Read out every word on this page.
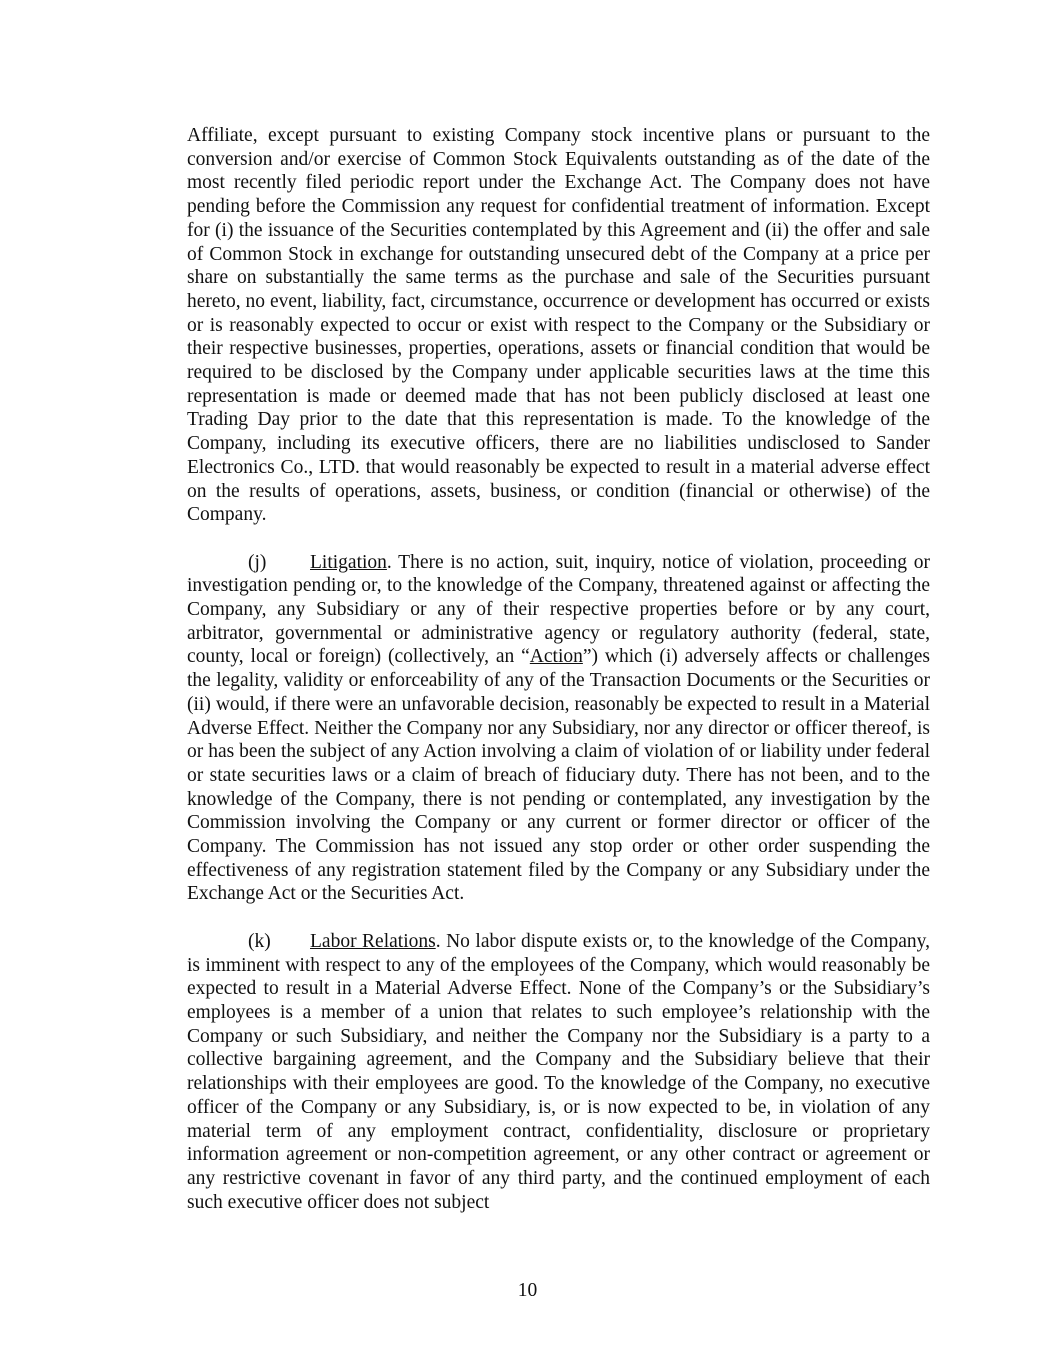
Affiliate, except pursuant to existing Company stock incentive plans or pursuant to the conversion and/or exercise of Common Stock Equivalents outstanding as of the date of the most recently filed periodic report under the Exchange Act. The Company does not have pending before the Commission any request for confidential treatment of information. Except for (i) the issuance of the Securities contemplated by this Agreement and (ii) the offer and sale of Common Stock in exchange for outstanding unsecured debt of the Company at a price per share on substantially the same terms as the purchase and sale of the Securities pursuant hereto, no event, liability, fact, circumstance, occurrence or development has occurred or exists or is reasonably expected to occur or exist with respect to the Company or the Subsidiary or their respective businesses, properties, operations, assets or financial condition that would be required to be disclosed by the Company under applicable securities laws at the time this representation is made or deemed made that has not been publicly disclosed at least one Trading Day prior to the date that this representation is made. To the knowledge of the Company, including its executive officers, there are no liabilities undisclosed to Sander Electronics Co., LTD. that would reasonably be expected to result in a material adverse effect on the results of operations, assets, business, or condition (financial or otherwise) of the Company.

(j) Litigation. There is no action, suit, inquiry, notice of violation, proceeding or investigation pending or, to the knowledge of the Company, threatened against or affecting the Company, any Subsidiary or any of their respective properties before or by any court, arbitrator, governmental or administrative agency or regulatory authority (federal, state, county, local or foreign) (collectively, an “Action”) which (i) adversely affects or challenges the legality, validity or enforceability of any of the Transaction Documents or the Securities or (ii) would, if there were an unfavorable decision, reasonably be expected to result in a Material Adverse Effect. Neither the Company nor any Subsidiary, nor any director or officer thereof, is or has been the subject of any Action involving a claim of violation of or liability under federal or state securities laws or a claim of breach of fiduciary duty. There has not been, and to the knowledge of the Company, there is not pending or contemplated, any investigation by the Commission involving the Company or any current or former director or officer of the Company. The Commission has not issued any stop order or other order suspending the effectiveness of any registration statement filed by the Company or any Subsidiary under the Exchange Act or the Securities Act.

(k) Labor Relations. No labor dispute exists or, to the knowledge of the Company, is imminent with respect to any of the employees of the Company, which would reasonably be expected to result in a Material Adverse Effect. None of the Company’s or the Subsidiary’s employees is a member of a union that relates to such employee’s relationship with the Company or such Subsidiary, and neither the Company nor the Subsidiary is a party to a collective bargaining agreement, and the Company and the Subsidiary believe that their relationships with their employees are good. To the knowledge of the Company, no executive officer of the Company or any Subsidiary, is, or is now expected to be, in violation of any material term of any employment contract, confidentiality, disclosure or proprietary information agreement or non-competition agreement, or any other contract or agreement or any restrictive covenant in favor of any third party, and the continued employment of each such executive officer does not subject

10
